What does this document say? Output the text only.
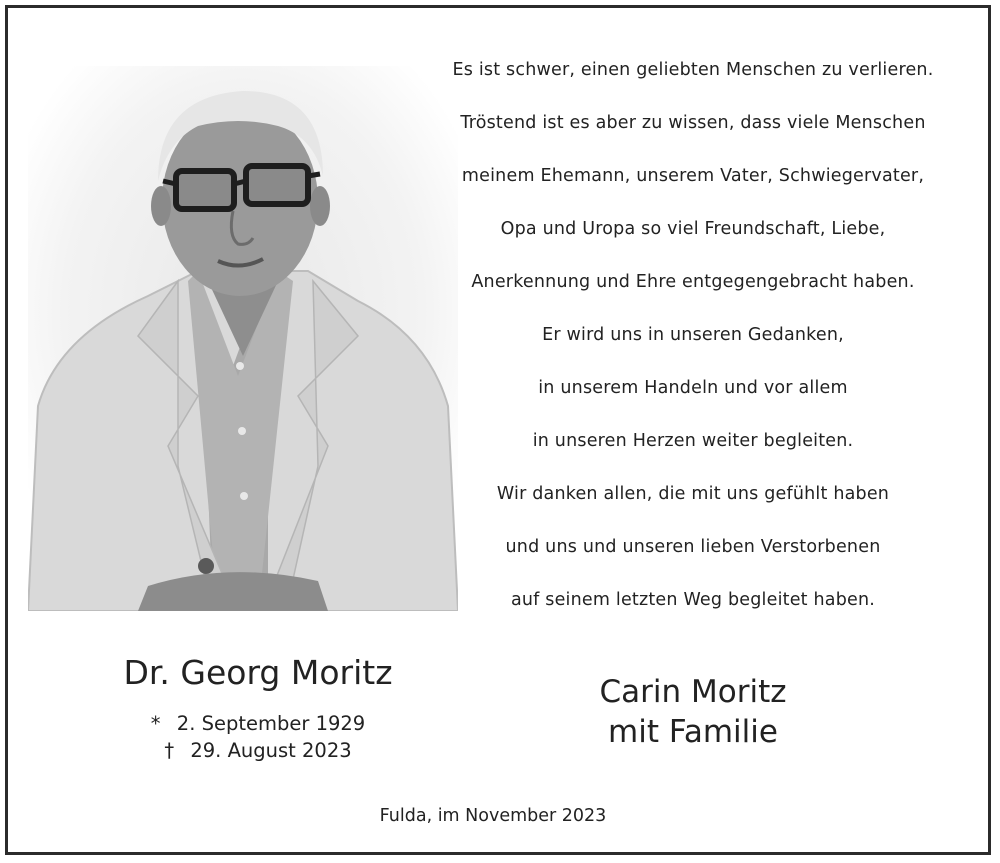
Es ist schwer, einen geliebten Menschen zu verlieren.
Tröstend ist es aber zu wissen, dass viele Menschen
meinem Ehemann, unserem Vater, Schwiegervater,
Opa und Uropa so viel Freundschaft, Liebe,
Anerkennung und Ehre entgegengebracht haben.
Er wird uns in unseren Gedanken,
in unserem Handeln und vor allem
in unseren Herzen weiter begleiten.
Wir danken allen, die mit uns gefühlt haben
und uns und unseren lieben Verstorbenen
auf seinem letzten Weg begleitet haben.
Dr. Georg Moritz
* 2. September 1929
† 29. August 2023
Carin Moritz
mit Familie
Fulda, im November 2023
